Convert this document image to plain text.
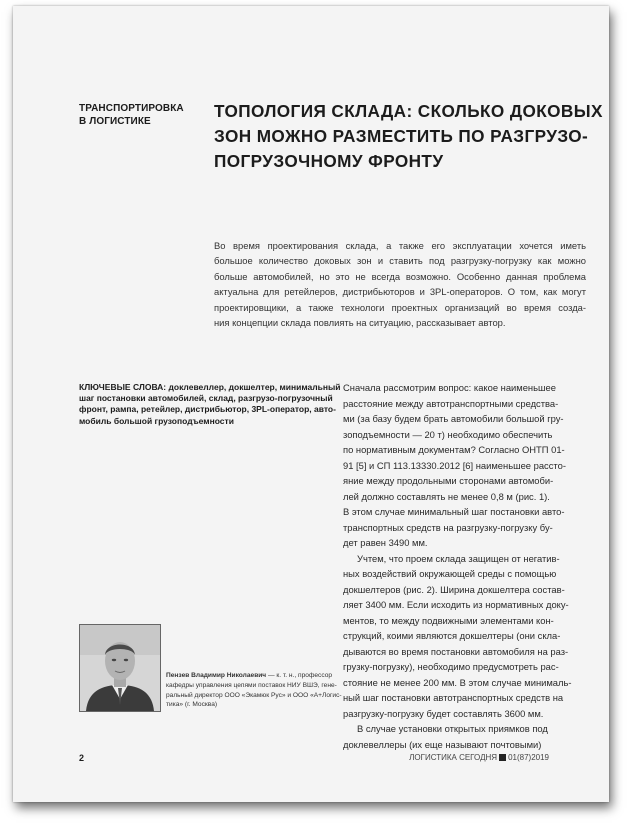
ТРАНСПОРТИРОВКА
В ЛОГИСТИКЕ
ТОПОЛОГИЯ СКЛАДА: СКОЛЬКО ДОКОВЫХ
ЗОН МОЖНО РАЗМЕСТИТЬ ПО РАЗГРУЗО-
ПОГРУЗОЧНОМУ ФРОНТУ
Во время проектирования склада, а также его эксплуатации хочется иметь
большое количество доковых зон и ставить под разгрузку-погрузку как можно
больше автомобилей, но это не всегда возможно. Особенно данная проблема
актуальна для ретейлеров, дистрибьюторов и 3PL-операторов. О том, как могут
проектировщики, а также технологи проектных организаций во время созда-
ния концепции склада повлиять на ситуацию, рассказывает автор.
КЛЮЧЕВЫЕ СЛОВА: доклевеллер, докшелтер, минимальный
шаг постановки автомобилей, склад, разгрузо-погрузочный
фронт, рампа, ретейлер, дистрибьютор, 3PL-оператор, авто-
мобиль большой грузоподъемности
Сначала рассмотрим вопрос: какое наименьшее
расстояние между автотранспортными средства-
ми (за базу будем брать автомобили большой гру-
зоподъемности — 20 т) необходимо обеспечить
по нормативным документам? Согласно ОНТП 01-
91 [5] и СП 113.13330.2012 [6] наименьшее рассто-
яние между продольными сторонами автомоби-
лей должно составлять не менее 0,8 м (рис. 1).
В этом случае минимальный шаг постановки авто-
транспортных средств на разгрузку-погрузку бу-
дет равен 3490 мм.
Учтем, что проем склада защищен от негатив-
ных воздействий окружающей среды с помощью
докшелтеров (рис. 2). Ширина докшелтера состав-
ляет 3400 мм. Если исходить из нормативных доку-
ментов, то между подвижными элементами кон-
струкций, коими являются докшелтеры (они скла-
дываются во время постановки автомобиля на раз-
грузку-погрузку), необходимо предусмотреть рас-
стояние не менее 200 мм. В этом случае минималь-
ный шаг постановки автотранспортных средств на
разгрузку-погрузку будет составлять 3600 мм.
В случае установки открытых приямков под
доклевеллеры (их еще называют почтовыми)
Пензев Владимир Николаевич — к. т. н., профессор
кафедры управления цепями поставок НИУ ВШЭ, гене-
ральный директор ООО «Экамюк Рус» и ООО «А+Логис-
тика» (г. Москва)
2	ЛОГИСТИКА СЕГОДНЯ 01(87)2019
